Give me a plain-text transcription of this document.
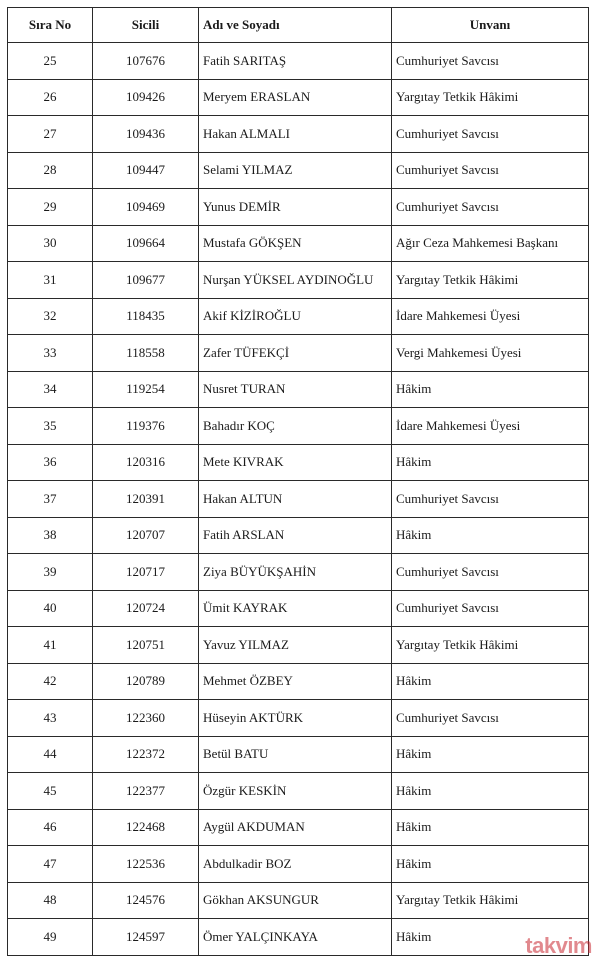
Sıra No	Sicili	Adı ve Soyadı	Unvanı
25	107676	Fatih SARITAŞ	Cumhuriyet Savcısı
26	109426	Meryem ERASLAN	Yargıtay Tetkik Hâkimi
27	109436	Hakan ALMALI	Cumhuriyet Savcısı
28	109447	Selami YILMAZ	Cumhuriyet Savcısı
29	109469	Yunus DEMİR	Cumhuriyet Savcısı
30	109664	Mustafa GÖKŞEN	Ağır Ceza Mahkemesi Başkanı
31	109677	Nurşan YÜKSEL AYDINOĞLU	Yargıtay Tetkik Hâkimi
32	118435	Akif KİZİROĞLU	İdare Mahkemesi Üyesi
33	118558	Zafer TÜFEKÇİ	Vergi Mahkemesi Üyesi
34	119254	Nusret TURAN	Hâkim
35	119376	Bahadır KOÇ	İdare Mahkemesi Üyesi
36	120316	Mete KIVRAK	Hâkim
37	120391	Hakan ALTUN	Cumhuriyet Savcısı
38	120707	Fatih ARSLAN	Hâkim
39	120717	Ziya BÜYÜKŞAHİN	Cumhuriyet Savcısı
40	120724	Ümit KAYRAK	Cumhuriyet Savcısı
41	120751	Yavuz YILMAZ	Yargıtay Tetkik Hâkimi
42	120789	Mehmet ÖZBEY	Hâkim
43	122360	Hüseyin AKTÜRK	Cumhuriyet Savcısı
44	122372	Betül BATU	Hâkim
45	122377	Özgür KESKİN	Hâkim
46	122468	Aygül AKDUMAN	Hâkim
47	122536	Abdulkadir BOZ	Hâkim
48	124576	Gökhan AKSUNGUR	Yargıtay Tetkik Hâkimi
49	124597	Ömer YALÇINKAYA	Hâkim	takvim
